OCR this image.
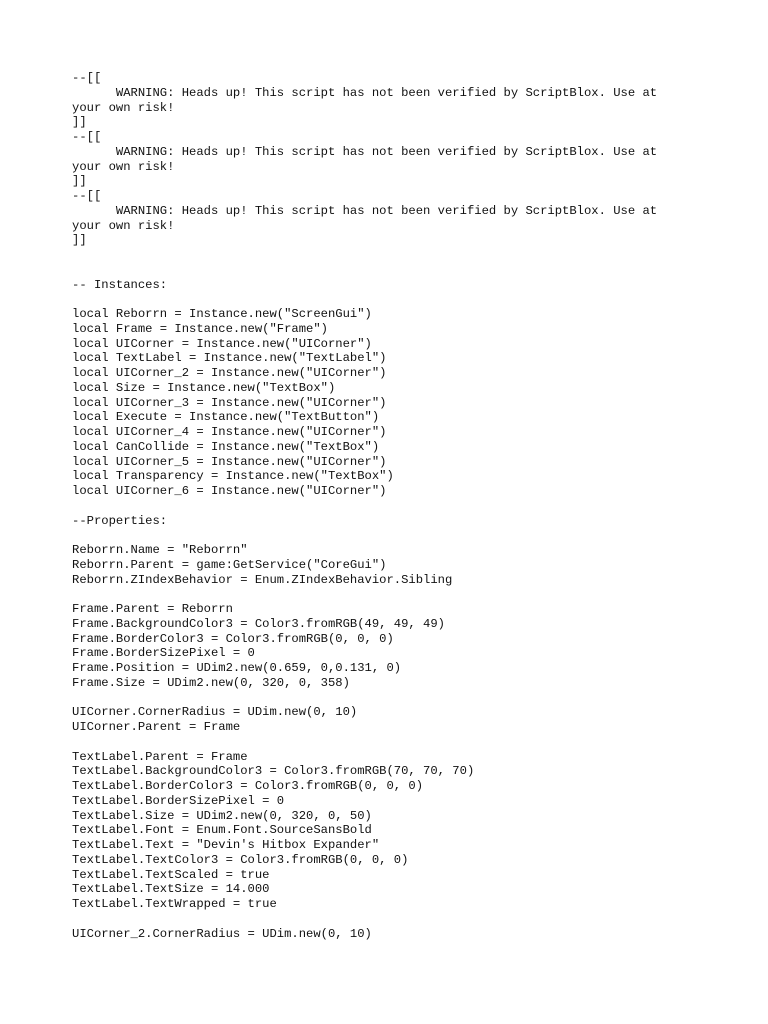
--[[
WARNING: Heads up! This script has not been verified by ScriptBlox. Use at
your own risk!
]]
--[[
WARNING: Heads up! This script has not been verified by ScriptBlox. Use at
your own risk!
]]
--[[
WARNING: Heads up! This script has not been verified by ScriptBlox. Use at
your own risk!
]]
-- Instances:
local Reborrn = Instance.new("ScreenGui")
local Frame = Instance.new("Frame")
local UICorner = Instance.new("UICorner")
local TextLabel = Instance.new("TextLabel")
local UICorner_2 = Instance.new("UICorner")
local Size = Instance.new("TextBox")
local UICorner_3 = Instance.new("UICorner")
local Execute = Instance.new("TextButton")
local UICorner_4 = Instance.new("UICorner")
local CanCollide = Instance.new("TextBox")
local UICorner_5 = Instance.new("UICorner")
local Transparency = Instance.new("TextBox")
local UICorner_6 = Instance.new("UICorner")
--Properties:
Reborrn.Name = "Reborrn"
Reborrn.Parent = game:GetService("CoreGui")
Reborrn.ZIndexBehavior = Enum.ZIndexBehavior.Sibling
Frame.Parent = Reborrn
Frame.BackgroundColor3 = Color3.fromRGB(49, 49, 49)
Frame.BorderColor3 = Color3.fromRGB(0, 0, 0)
Frame.BorderSizePixel = 0
Frame.Position = UDim2.new(0.659, 0,0.131, 0)
Frame.Size = UDim2.new(0, 320, 0, 358)
UICorner.CornerRadius = UDim.new(0, 10)
UICorner.Parent = Frame
TextLabel.Parent = Frame
TextLabel.BackgroundColor3 = Color3.fromRGB(70, 70, 70)
TextLabel.BorderColor3 = Color3.fromRGB(0, 0, 0)
TextLabel.BorderSizePixel = 0
TextLabel.Size = UDim2.new(0, 320, 0, 50)
TextLabel.Font = Enum.Font.SourceSansBold
TextLabel.Text = "Devin's Hitbox Expander"
TextLabel.TextColor3 = Color3.fromRGB(0, 0, 0)
TextLabel.TextScaled = true
TextLabel.TextSize = 14.000
TextLabel.TextWrapped = true
UICorner_2.CornerRadius = UDim.new(0, 10)
